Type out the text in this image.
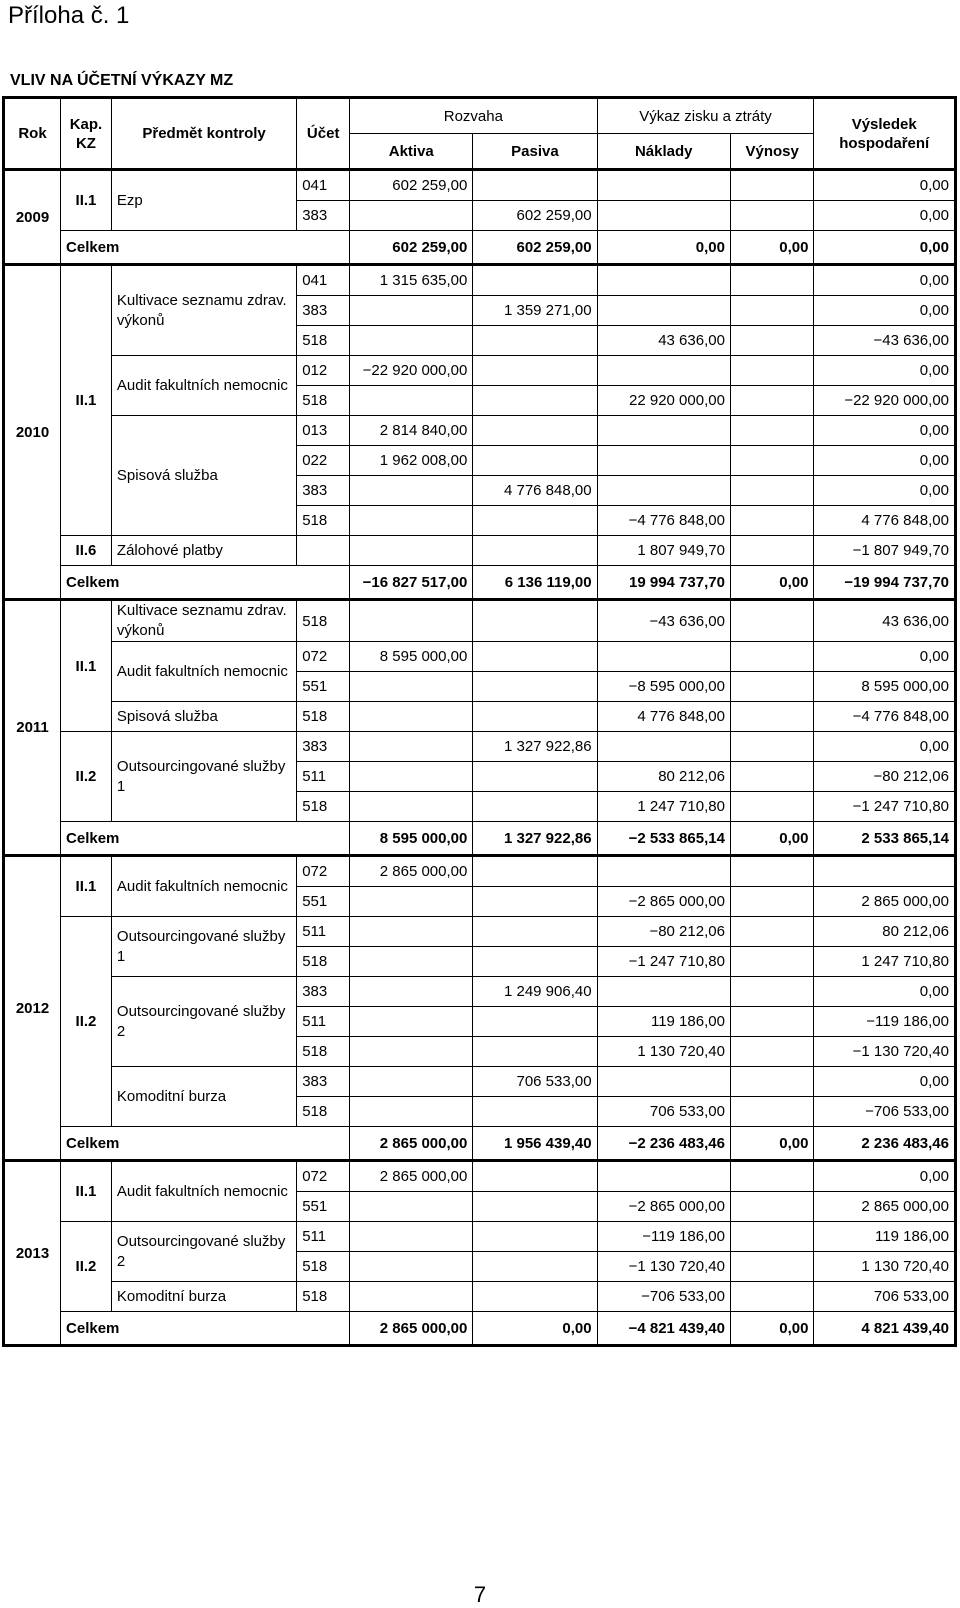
Příloha č. 1
VLIV NA ÚČETNÍ VÝKAZY MZ
Rok	Kap. KZ	Předmět kontroly	Účet	Rozvaha		Výkaz zisku a ztráty		Výsledek hospodaření
				Aktiva	Pasiva	Náklady	Výnosy	
2009	II.1	Ezp	041	602 259,00				0,00
			383		602 259,00			0,00
	Celkem			602 259,00	602 259,00	0,00	0,00	0,00
2010	II.1	Kultivace seznamu zdrav. výkonů	041	1 315 635,00				0,00
			383		1 359 271,00			0,00
			518			43 636,00		−43 636,00
		Audit fakultních nemocnic	012	−22 920 000,00				0,00
			518			22 920 000,00		−22 920 000,00
		Spisová služba	013	2 814 840,00				0,00
			022	1 962 008,00				0,00
			383		4 776 848,00			0,00
			518			−4 776 848,00		4 776 848,00
	II.6	Zálohové platby				1 807 949,70		−1 807 949,70
	Celkem			−16 827 517,00	6 136 119,00	19 994 737,70	0,00	−19 994 737,70
2011	II.1	Kultivace seznamu zdrav. výkonů	518			−43 636,00		43 636,00
		Audit fakultních nemocnic	072	8 595 000,00				0,00
			551			−8 595 000,00		8 595 000,00
		Spisová služba	518			4 776 848,00		−4 776 848,00
	II.2	Outsourcingované služby 1	383		1 327 922,86			0,00
			511			80 212,06		−80 212,06
			518			1 247 710,80		−1 247 710,80
	Celkem			8 595 000,00	1 327 922,86	−2 533 865,14	0,00	2 533 865,14
2012	II.1	Audit fakultních nemocnic	072	2 865 000,00				
			551			−2 865 000,00		2 865 000,00
	II.2	Outsourcingované služby 1	511			−80 212,06		80 212,06
			518			−1 247 710,80		1 247 710,80
		Outsourcingované služby 2	383		1 249 906,40			0,00
			511			119 186,00		−119 186,00
			518			1 130 720,40		−1 130 720,40
		Komoditní burza	383		706 533,00			0,00
			518			706 533,00		−706 533,00
	Celkem			2 865 000,00	1 956 439,40	−2 236 483,46	0,00	2 236 483,46
2013	II.1	Audit fakultních nemocnic	072	2 865 000,00				0,00
			551			−2 865 000,00		2 865 000,00
	II.2	Outsourcingované služby 2	511			−119 186,00		119 186,00
			518			−1 130 720,40		1 130 720,40
		Komoditní burza	518			−706 533,00		706 533,00
	Celkem			2 865 000,00	0,00	−4 821 439,40	0,00	4 821 439,40
7
